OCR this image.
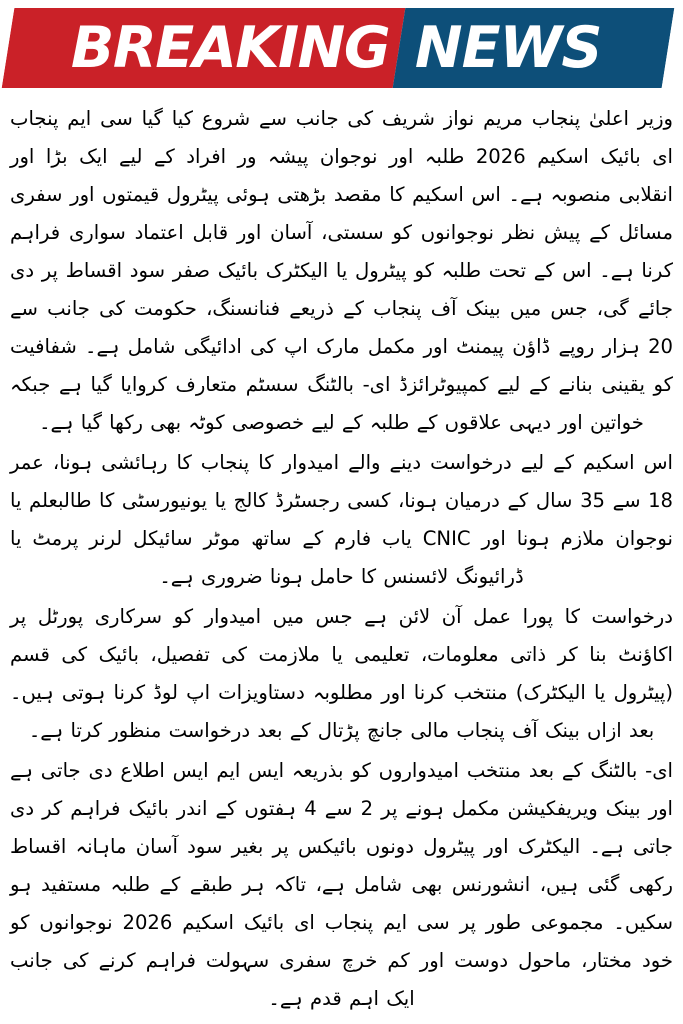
BREAKING NEWS

وزیر اعلیٰ پنجاب مریم نواز شریف کی جانب سے شروع کیا گیا سی ایم پنجاب ای بائیک اسکیم 2026 طلبہ اور نوجوان پیشہ ور افراد کے لیے ایک بڑا اور انقلابی منصوبہ ہے۔ اس اسکیم کا مقصد بڑھتی ہوئی پیٹرول قیمتوں اور سفری مسائل کے پیش نظر نوجوانوں کو سستی، آسان اور قابل اعتماد سواری فراہم کرنا ہے۔ اس کے تحت طلبہ کو پیٹرول یا الیکٹرک بائیک صفر سود اقساط پر دی جائے گی، جس میں بینک آف پنجاب کے ذریعے فنانسنگ، حکومت کی جانب سے 20 ہزار روپے ڈاؤن پیمنٹ اور مکمل مارک اپ کی ادائیگی شامل ہے۔ شفافیت کو یقینی بنانے کے لیے کمپیوٹرائزڈ ای- بالٹنگ سسٹم متعارف کروایا گیا ہے جبکہ خواتین اور دیہی علاقوں کے طلبہ کے لیے خصوصی کوٹہ بھی رکھا گیا ہے۔

اس اسکیم کے لیے درخواست دینے والے امیدوار کا پنجاب کا رہائشی ہونا، عمر 18 سے 35 سال کے درمیان ہونا، کسی رجسٹرڈ کالج یا یونیورسٹی کا طالبعلم یا نوجوان ملازم ہونا اور CNIC یاب فارم کے ساتھ موٹر سائیکل لرنر پرمٹ یا ڈرائیونگ لائسنس کا حامل ہونا ضروری ہے۔

درخواست کا پورا عمل آن لائن ہے جس میں امیدوار کو سرکاری پورٹل پر اکاؤنٹ بنا کر ذاتی معلومات، تعلیمی یا ملازمت کی تفصیل، بائیک کی قسم (پیٹرول یا الیکٹرک) منتخب کرنا اور مطلوبہ دستاویزات اپ لوڈ کرنا ہوتی ہیں۔ بعد ازاں بینک آف پنجاب مالی جانچ پڑتال کے بعد درخواست منظور کرتا ہے۔

ای- بالٹنگ کے بعد منتخب امیدواروں کو بذریعہ ایس ایم ایس اطلاع دی جاتی ہے اور بینک ویریفکیشن مکمل ہونے پر 2 سے 4 ہفتوں کے اندر بائیک فراہم کر دی جاتی ہے۔ الیکٹرک اور پیٹرول دونوں بائیکس پر بغیر سود آسان ماہانہ اقساط رکھی گئی ہیں، انشورنس بھی شامل ہے، تاکہ ہر طبقے کے طلبہ مستفید ہو سکیں۔ مجموعی طور پر سی ایم پنجاب ای بائیک اسکیم 2026 نوجوانوں کو خود مختار، ماحول دوست اور کم خرچ سفری سہولت فراہم کرنے کی جانب ایک اہم قدم ہے۔
